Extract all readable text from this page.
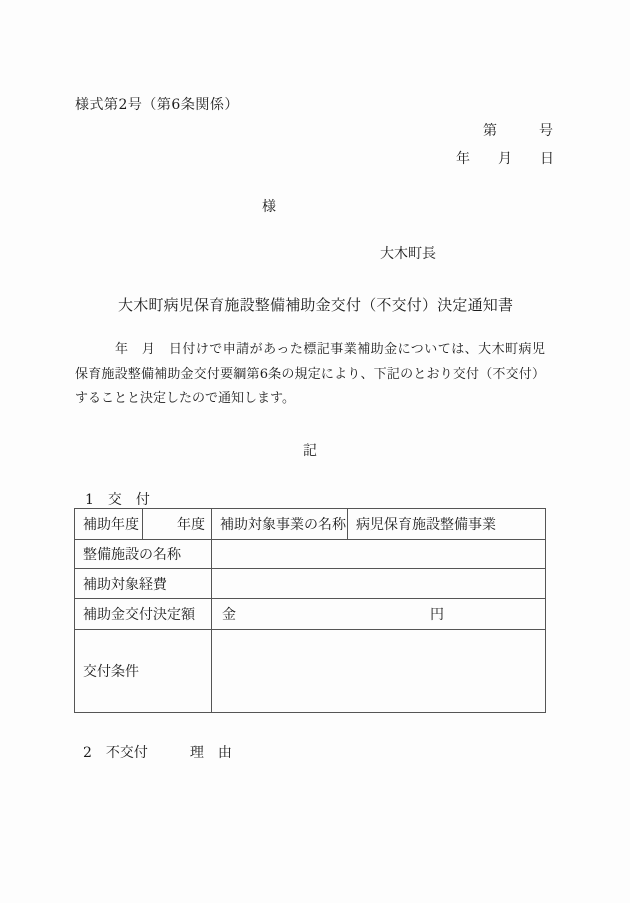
様式第2号（第6条関係）
第　　　号
年　　月　　日
様
大木町長
大木町病児保育施設整備補助金交付（不交付）決定通知書
年　月　日付けで申請があった標記事業補助金については、大木町病児
保育施設整備補助金交付要綱第6条の規定により、下記のとおり交付（不交付）
することと決定したので通知します。
記
1　交　付
補助年度	年度	補助対象事業の名称	病児保育施設整備事業
整備施設の名称			
補助対象経費			
補助金交付決定額		金 円	

交付条件			
2　不交付　　　理　由
